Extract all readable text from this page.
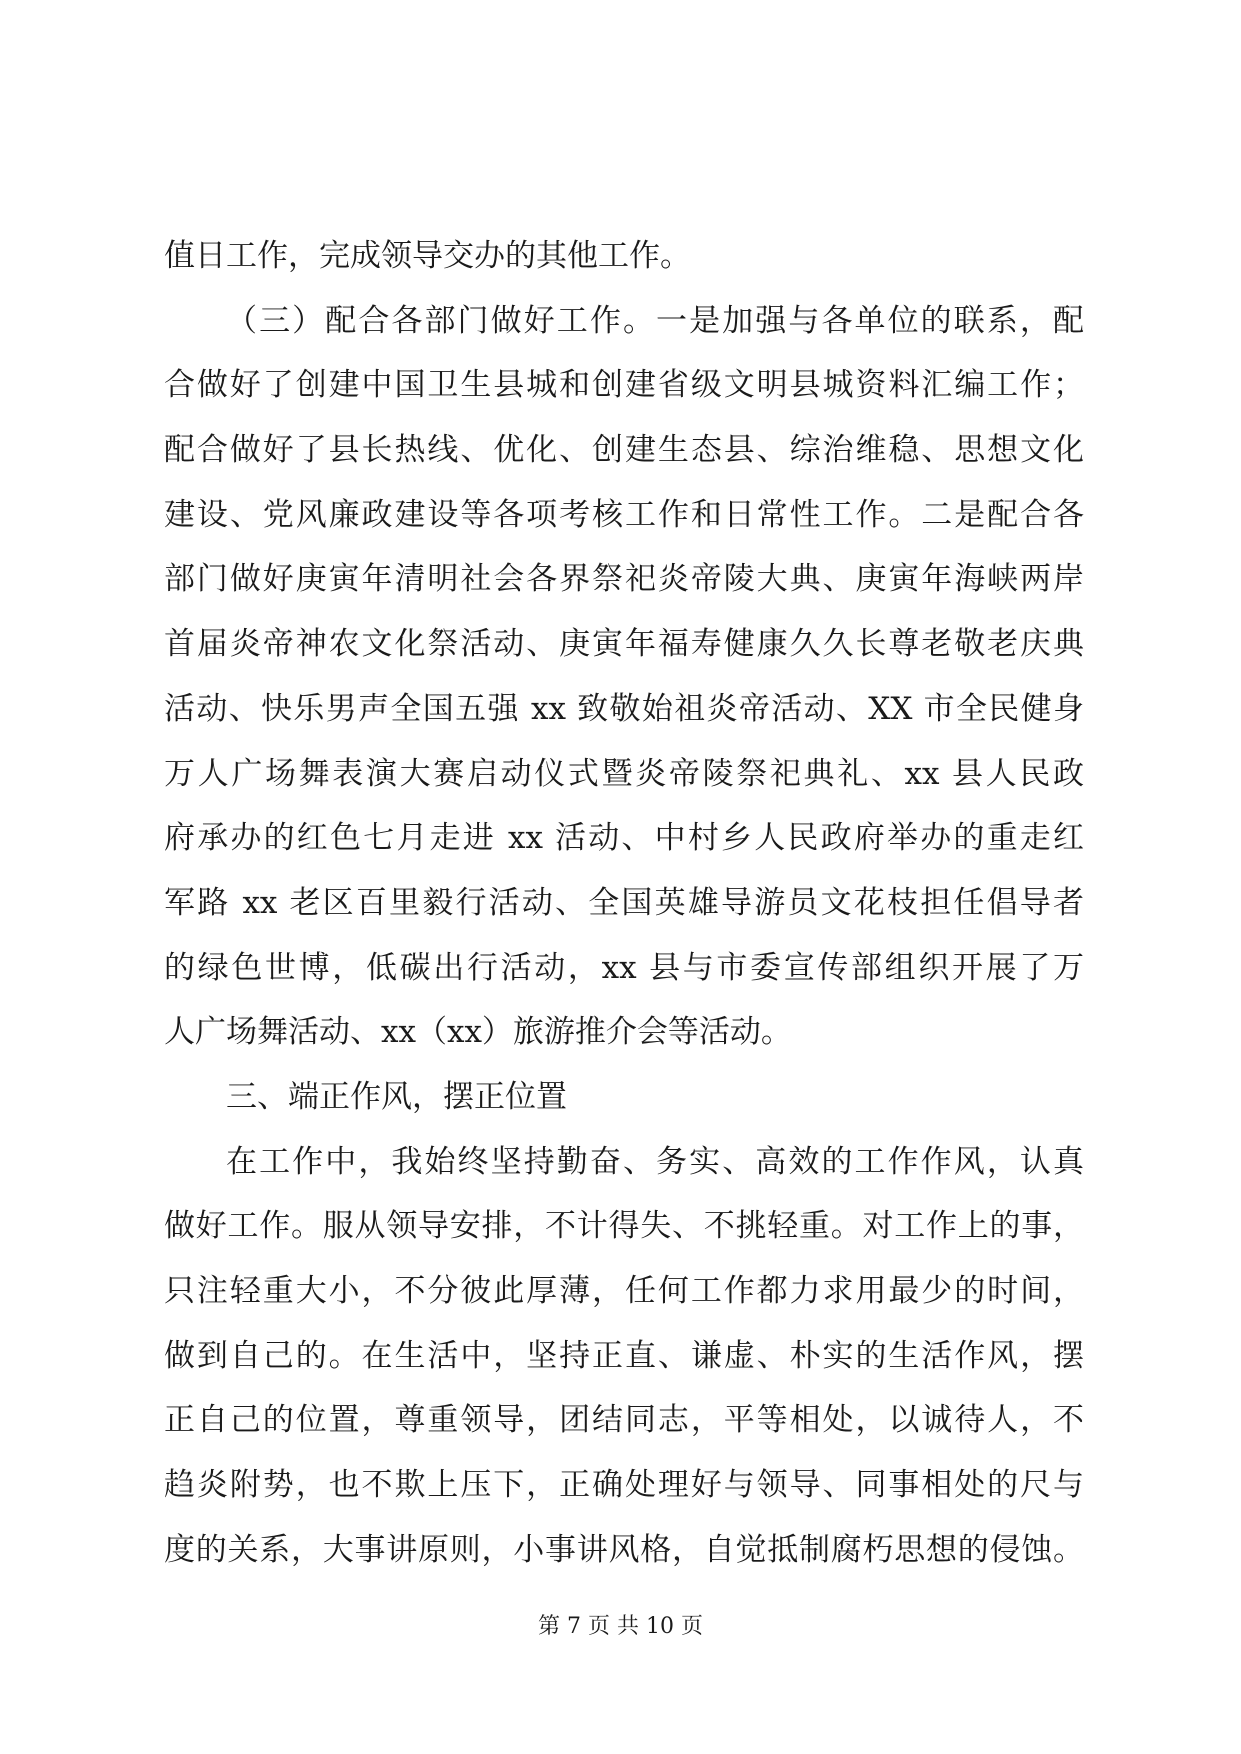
值日工作，完成领导交办的其他工作。
（三）配合各部门做好工作。一是加强与各单位的联系，配
合做好了创建中国卫生县城和创建省级文明县城资料汇编工作；
配合做好了县长热线、优化、创建生态县、综治维稳、思想文化
建设、党风廉政建设等各项考核工作和日常性工作。二是配合各
部门做好庚寅年清明社会各界祭祀炎帝陵大典、庚寅年海峡两岸
首届炎帝神农文化祭活动、庚寅年福寿健康久久长尊老敬老庆典
活动、快乐男声全国五强 xx 致敬始祖炎帝活动、XX 市全民健身
万人广场舞表演大赛启动仪式暨炎帝陵祭祀典礼、xx 县人民政
府承办的红色七月走进 xx 活动、中村乡人民政府举办的重走红
军路 xx 老区百里毅行活动、全国英雄导游员文花枝担任倡导者
的绿色世博，低碳出行活动，xx 县与市委宣传部组织开展了万
人广场舞活动、xx（xx）旅游推介会等活动。
三、端正作风，摆正位置
在工作中，我始终坚持勤奋、务实、高效的工作作风，认真
做好工作。服从领导安排，不计得失、不挑轻重。对工作上的事，
只注轻重大小，不分彼此厚薄，任何工作都力求用最少的时间，
做到自己的。在生活中，坚持正直、谦虚、朴实的生活作风，摆
正自己的位置，尊重领导，团结同志，平等相处，以诚待人，不
趋炎附势，也不欺上压下，正确处理好与领导、同事相处的尺与
度的关系，大事讲原则，小事讲风格，自觉抵制腐朽思想的侵蚀。
第 7 页 共 10 页
